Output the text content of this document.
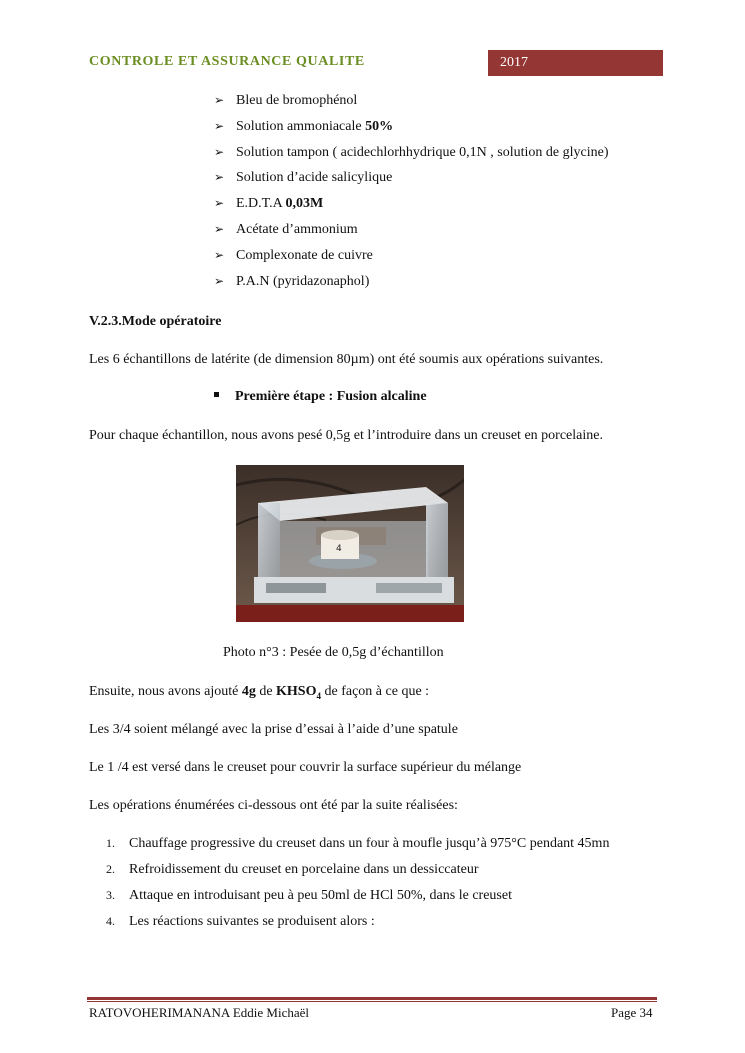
CONTROLE ET ASSURANCE QUALITE	2017
➢ Bleu de bromophénol
➢ Solution ammoniacale 50%
➢ Solution tampon ( acidechlorhhydrique 0,1N , solution de glycine)
➢ Solution d’acide salicylique
➢ E.D.T.A 0,03M
➢ Acétate d’ammonium
➢ Complexonate de cuivre
➢ P.A.N (pyridazonaphol)
V.2.3.Mode opératoire
Les 6 échantillons de latérite (de dimension 80µm) ont été soumis aux opérations suivantes.
Première étape : Fusion alcaline
Pour chaque échantillon, nous avons pesé 0,5g et l’introduire dans un creuset en porcelaine.
4
Photo n°3 : Pesée de 0,5g d’échantillon
Ensuite, nous avons ajouté 4g de $KHSO_4$ de façon à ce que :
Les 3/4 soient mélangé avec la prise d’essai à l’aide d’une spatule
Le 1 /4 est versé dans le creuset pour couvrir la surface supérieur du mélange
Les opérations énumérées ci-dessous ont été par la suite réalisées:
1. Chauffage progressive du creuset dans un four à moufle jusqu’à 975°C pendant 45mn
2. Refroidissement du creuset en porcelaine dans un dessiccateur
3. Attaque en introduisant peu à peu 50ml de HCl 50%, dans le creuset
4. Les réactions suivantes se produisent alors :
RATOVOHERIMANANA Eddie Michaël	Page 34
